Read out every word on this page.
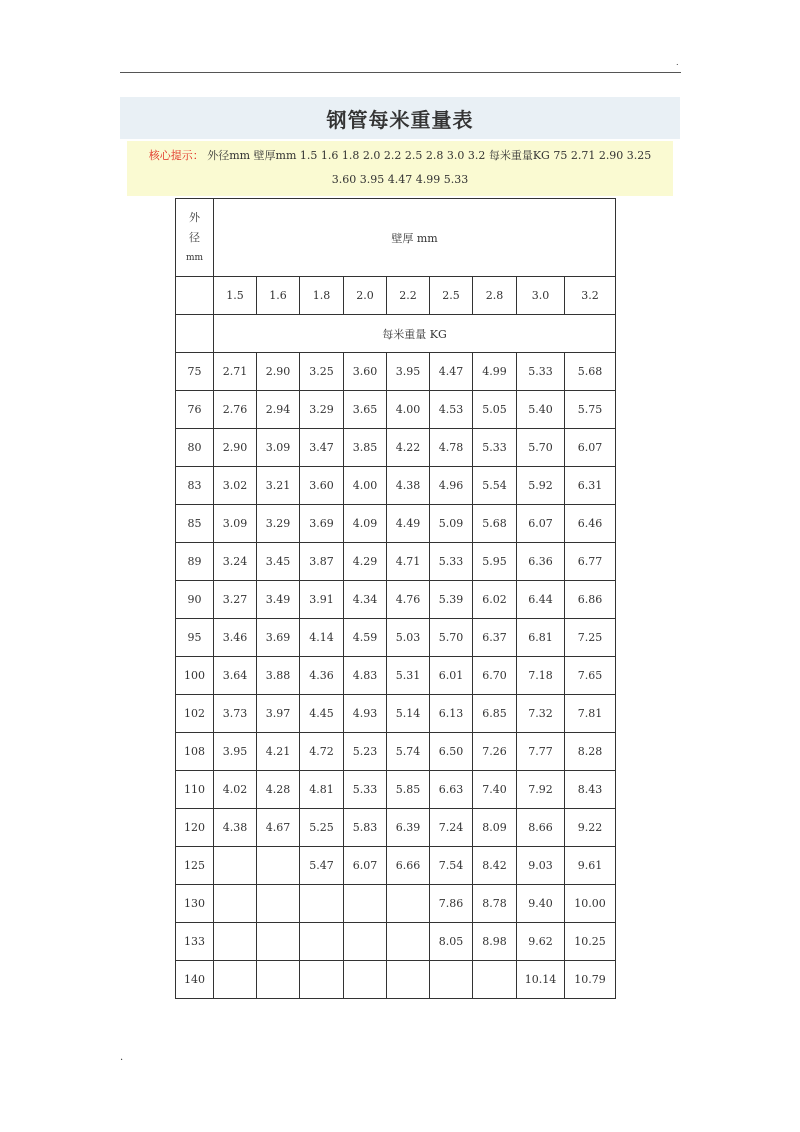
.
钢管每米重量表
核心提示： 外径mm 壁厚mm 1.5 1.6 1.8 2.0 2.2 2.5 2.8 3.0 3.2 每米重量KG 75 2.71 2.90 3.25 3.60 3.95 4.47 4.99 5.33
外
径
mm	壁厚 mm								
	1.5	1.6	1.8	2.0	2.2	2.5	2.8	3.0	3.2
	每米重量 KG								
75	2.71	2.90	3.25	3.60	3.95	4.47	4.99	5.33	5.68
76	2.76	2.94	3.29	3.65	4.00	4.53	5.05	5.40	5.75
80	2.90	3.09	3.47	3.85	4.22	4.78	5.33	5.70	6.07
83	3.02	3.21	3.60	4.00	4.38	4.96	5.54	5.92	6.31
85	3.09	3.29	3.69	4.09	4.49	5.09	5.68	6.07	6.46
89	3.24	3.45	3.87	4.29	4.71	5.33	5.95	6.36	6.77
90	3.27	3.49	3.91	4.34	4.76	5.39	6.02	6.44	6.86
95	3.46	3.69	4.14	4.59	5.03	5.70	6.37	6.81	7.25
100	3.64	3.88	4.36	4.83	5.31	6.01	6.70	7.18	7.65
102	3.73	3.97	4.45	4.93	5.14	6.13	6.85	7.32	7.81
108	3.95	4.21	4.72	5.23	5.74	6.50	7.26	7.77	8.28
110	4.02	4.28	4.81	5.33	5.85	6.63	7.40	7.92	8.43
120	4.38	4.67	5.25	5.83	6.39	7.24	8.09	8.66	9.22
125			5.47	6.07	6.66	7.54	8.42	9.03	9.61
130						7.86	8.78	9.40	10.00
133						8.05	8.98	9.62	10.25
140								10.14	10.79
.
